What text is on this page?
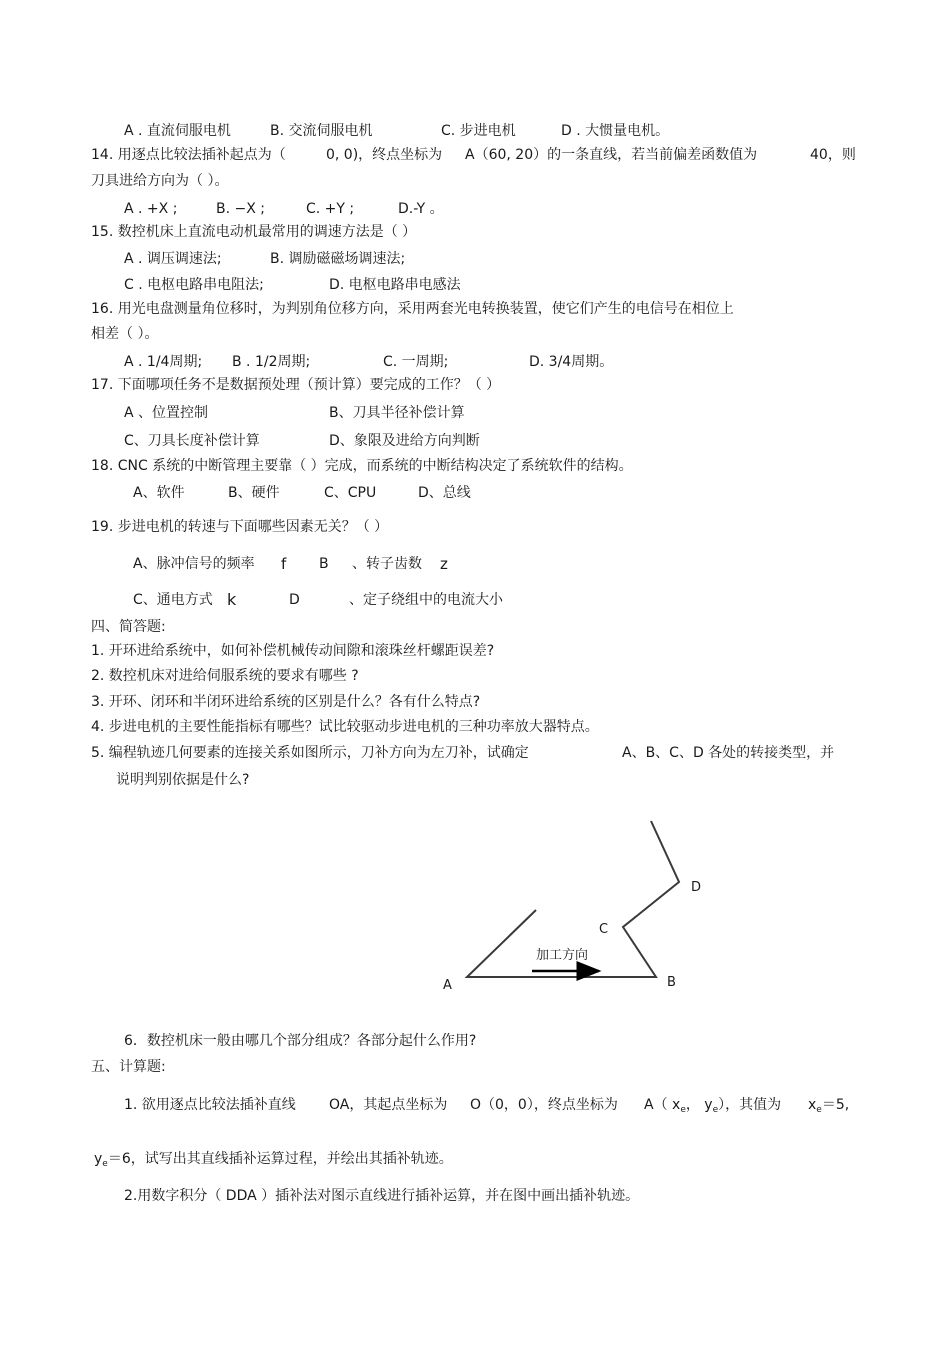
A . 直流伺服电机	B. 交流伺服电机	C. 步进电机	D . 大惯量电机。
14. 用逐点比较法插补起点为（	0, 0)，终点坐标为 A（60, 20）的一条直线，若当前偏差函数值为	40，则
刀具进给方向为（ ）。
A . +X ;	B. −X ;	C. +Y ;	D.-Y 。
15. 数控机床上直流电动机最常用的调速方法是（ ）
A . 调压调速法;	B. 调励磁磁场调速法;
C . 电枢电路串电阻法;	D. 电枢电路串电感法
16. 用光电盘测量角位移时，为判别角位移方向，采用两套光电转换装置，使它们产生的电信号在相位上
相差（ ）。
A . 1/4周期; B . 1/2周期;	C. 一周期;	D. 3/4周期。
17. 下面哪项任务不是数据预处理（预计算）要完成的工作？（ ）
A 、位置控制	B、刀具半径补偿计算
C、刀具长度补偿计算	D、象限及进给方向判断
18. CNC 系统的中断管理主要靠（ ）完成，而系统的中断结构决定了系统软件的结构。
A、软件	B、硬件	C、CPU	D、总线
19. 步进电机的转速与下面哪些因素无关？（ ）
A、脉冲信号的频率 f B 、转子齿数 z
C、通电方式 k	D	、定子绕组中的电流大小
四、简答题:
1. 开环进给系统中，如何补偿机械传动间隙和滚珠丝杆螺距误差?
2. 数控机床对进给伺服系统的要求有哪些 ?
3. 开环、闭环和半闭环进给系统的区别是什么？各有什么特点?
4. 步进电机的主要性能指标有哪些？试比较驱动步进电机的三种功率放大器特点。
5. 编程轨迹几何要素的连接关系如图所示，刀补方向为左刀补，试确定	A、B、C、D 各处的转接类型，并
说明判别依据是什么?
加工方向
A	B
C
D
6．数控机床一般由哪几个部分组成？各部分起什么作用?
五、计算题:
1. 欲用逐点比较法插补直线 OA，其起点坐标为 O（0，0），终点坐标为 A（ $x_e$， $y_e$），其值为 $x_e=5$,
$y_e=6$，试写出其直线插补运算过程，并绘出其插补轨迹。
2.用数字积分（ DDA ）插补法对图示直线进行插补运算，并在图中画出插补轨迹。
